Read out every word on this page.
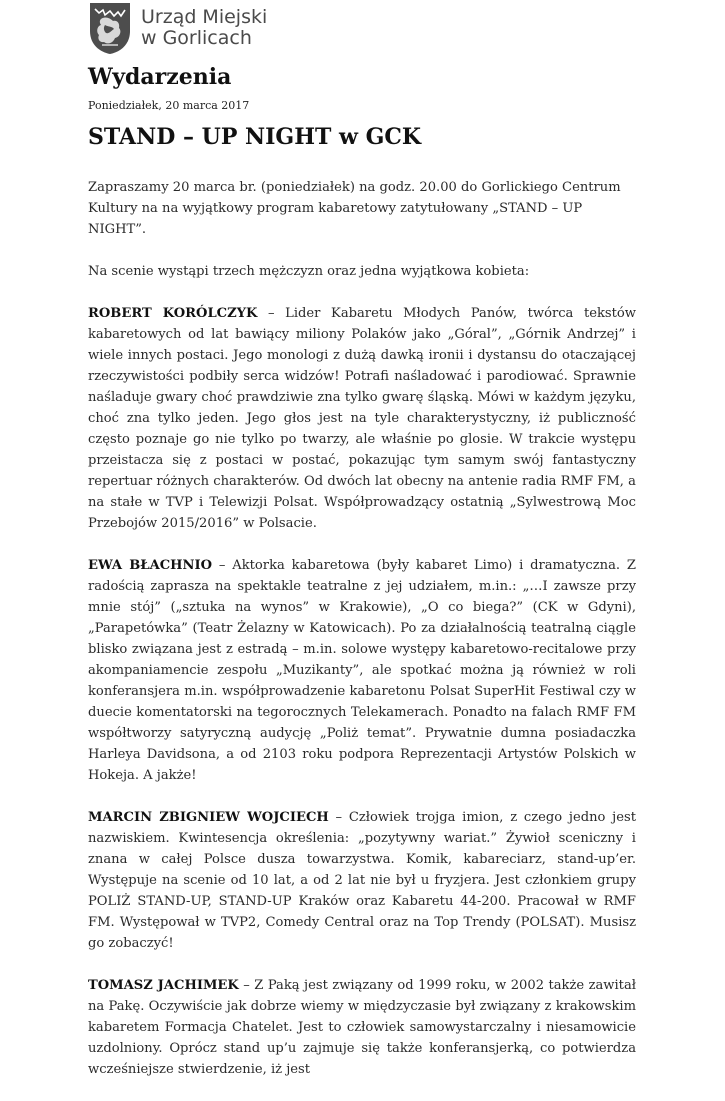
Urząd Miejski
w Gorlicach
Wydarzenia
Poniedziałek, 20 marca 2017
STAND – UP NIGHT w GCK

Zapraszamy 20 marca br. (poniedziałek) na godz. 20.00 do Gorlickiego Centrum Kultury na na wyjątkowy program kabaretowy zatytułowany „STAND – UP NIGHT”.

Na scenie wystąpi trzech mężczyzn oraz jedna wyjątkowa kobieta:

ROBERT KORÓLCZYK – Lider Kabaretu Młodych Panów, twórca tekstów kabaretowych od lat bawiący miliony Polaków jako „Góral”, „Górnik Andrzej” i wiele innych postaci. Jego monologi z dużą dawką ironii i dystansu do otaczającej rzeczywistości podbiły serca widzów! Potrafi naśladować i parodiować. Sprawnie naśladuje gwary choć prawdziwie zna tylko gwarę śląską. Mówi w każdym języku, choć zna tylko jeden. Jego głos jest na tyle charakterystyczny, iż publiczność często poznaje go nie tylko po twarzy, ale właśnie po glosie. W trakcie występu przeistacza się z postaci w postać, pokazując tym samym swój fantastyczny repertuar różnych charakterów. Od dwóch lat obecny na antenie radia RMF FM, a na stałe w TVP i Telewizji Polsat. Współprowadzący ostatnią „Sylwestrową Moc Przebojów 2015/2016” w Polsacie.

EWA BŁACHNIO – Aktorka kabaretowa (były kabaret Limo) i dramatyczna. Z radością zaprasza na spektakle teatralne z jej udziałem, m.in.: „…I zawsze przy mnie stój” („sztuka na wynos” w Krakowie), „O co biega?” (CK w Gdyni), „Parapetówka” (Teatr Żelazny w Katowicach). Po za działalnością teatralną ciągle blisko związana jest z estradą – m.in. solowe występy kabaretowo-recitalowe przy akompaniamencie zespołu „Muzikanty”, ale spotkać można ją również w roli konferansjera m.in. współprowadzenie kabaretonu Polsat SuperHit Festiwal czy w duecie komentatorski na tegorocznych Telekamerach. Ponadto na falach RMF FM współtworzy satyryczną audycję „Poliż temat”. Prywatnie dumna posiadaczka Harleya Davidsona, a od 2103 roku podpora Reprezentacji Artystów Polskich w Hokeja. A jakże!

MARCIN ZBIGNIEW WOJCIECH – Człowiek trojga imion, z czego jedno jest nazwiskiem. Kwintesencja określenia: „pozytywny wariat.” Żywioł sceniczny i znana w całej Polsce dusza towarzystwa. Komik, kabareciarz, stand-up’er. Występuje na scenie od 10 lat, a od 2 lat nie był u fryzjera. Jest członkiem grupy POLIŻ STAND-UP, STAND-UP Kraków oraz Kabaretu 44-200. Pracował w RMF FM. Występował w TVP2, Comedy Central oraz na Top Trendy (POLSAT). Musisz go zobaczyć!

TOMASZ JACHIMEK – Z Paką jest związany od 1999 roku, w 2002 także zawitał na Pakę. Oczywiście jak dobrze wiemy w międzyczasie był związany z krakowskim kabaretem Formacja Chatelet. Jest to człowiek samowystarczalny i niesamowicie uzdolniony. Oprócz stand up’u zajmuje się także konferansjerką, co potwierdza wcześniejsze stwierdzenie, iż jest
